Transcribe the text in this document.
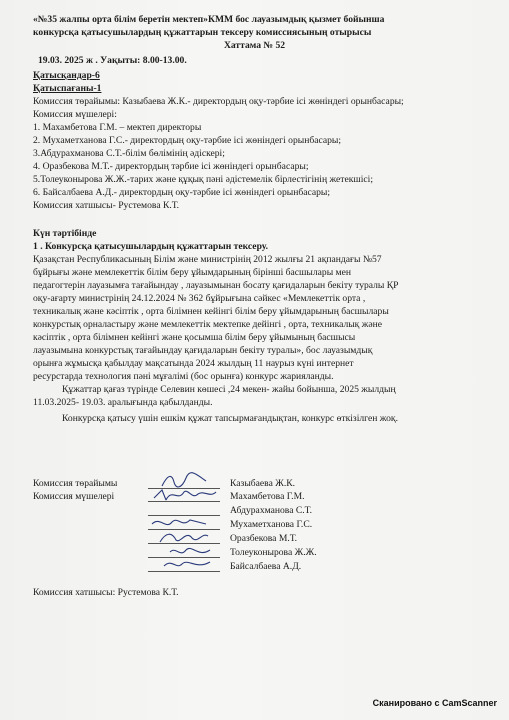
«№35 жалпы орта білім беретін мектеп»КММ бос лауазымдық қызмет бойынша
конкурсқа қатысушылардың құжаттарын тексеру комиссиясының отырысы
Хаттама № 52
19.03. 2025 ж . Уақыты: 8.00-13.00.
Қатысқандар-6
Қатыспағаны-1
Комиссия төрайымы: Казыбаева Ж.К.- директордың оқу-тәрбие ісі жөніндегі орынбасары;
Комиссия мүшелері:
1. Махамбетова Г.М. – мектеп директоры
2. Мухаметханова Г.С.- директордың оқу-тәрбие ісі жөніндегі орынбасары;
3.Абдурахманова С.Т.-білім бөлімінің әдіскері;
4. Оразбекова М.Т.- директордың тәрбие ісі жөніндегі орынбасары;
5.Толеуконырова Ж.Ж.-тарих және құқық пәні әдістемелік бірлестігінің жетекшісі;
6. Байсалбаева А.Д.- директордың оқу-тәрбие ісі жөніндегі орынбасары;
Комиссия хатшысы- Рустемова К.Т.
Күн тәртібінде
1 . Конкурсқа қатысушылардың құжаттарын тексеру.
Қазақстан Республикасының Білім және министрінің 2012 жылғы 21 ақпандағы №57
бұйрығы және мемлекеттік білім беру ұйымдарының бірінші басшылары мен
педагогтерін лауазымға тағайындау , лауазымынан босату қағидаларын бекіту туралы ҚР
оқу-ағарту министрінің 24.12.2024 № 362 бұйрығына сәйкес «Мемлекеттік орта ,
техникалық және кәсіптік , орта білімнен кейінгі білім беру ұйымдарының басшылары
конкурстық орналастыру және мемлекеттік мектепке дейінгі , орта, техникалық және
кәсіптік , орта білімнен кейінгі және қосымша білім беру ұйымының басшысы
лауазымына конкурстық тағайындау қағидаларын бекіту туралы», бос лауазымдық
орынға жұмысқа қабылдау мақсатында 2024 жылдың 11 наурыз күні интернет
ресурстарда технология пәні мұғалімі (бос орынға) конкурс жарияланды.
Құжаттар қағаз түрінде Селевин көшесі ,24 мекен- жайы бойынша, 2025 жылдың
11.03.2025- 19.03. аралығында қабылданды.
Конкурсқа қатысу үшін ешкім құжат тапсырмағандықтан, конкурс өткізілген жоқ.
Комиссия төрайымы
Комиссия мүшелері
Казыбаева Ж.К.
Махамбетова Г.М.
Абдурахманова С.Т.
Мухаметханова Г.С.
Оразбекова М.Т.
Толеуконырова Ж.Ж.
Байсалбаева А.Д.
Комиссия хатшысы: Рустемова К.Т.
Сканировано с CamScanner
